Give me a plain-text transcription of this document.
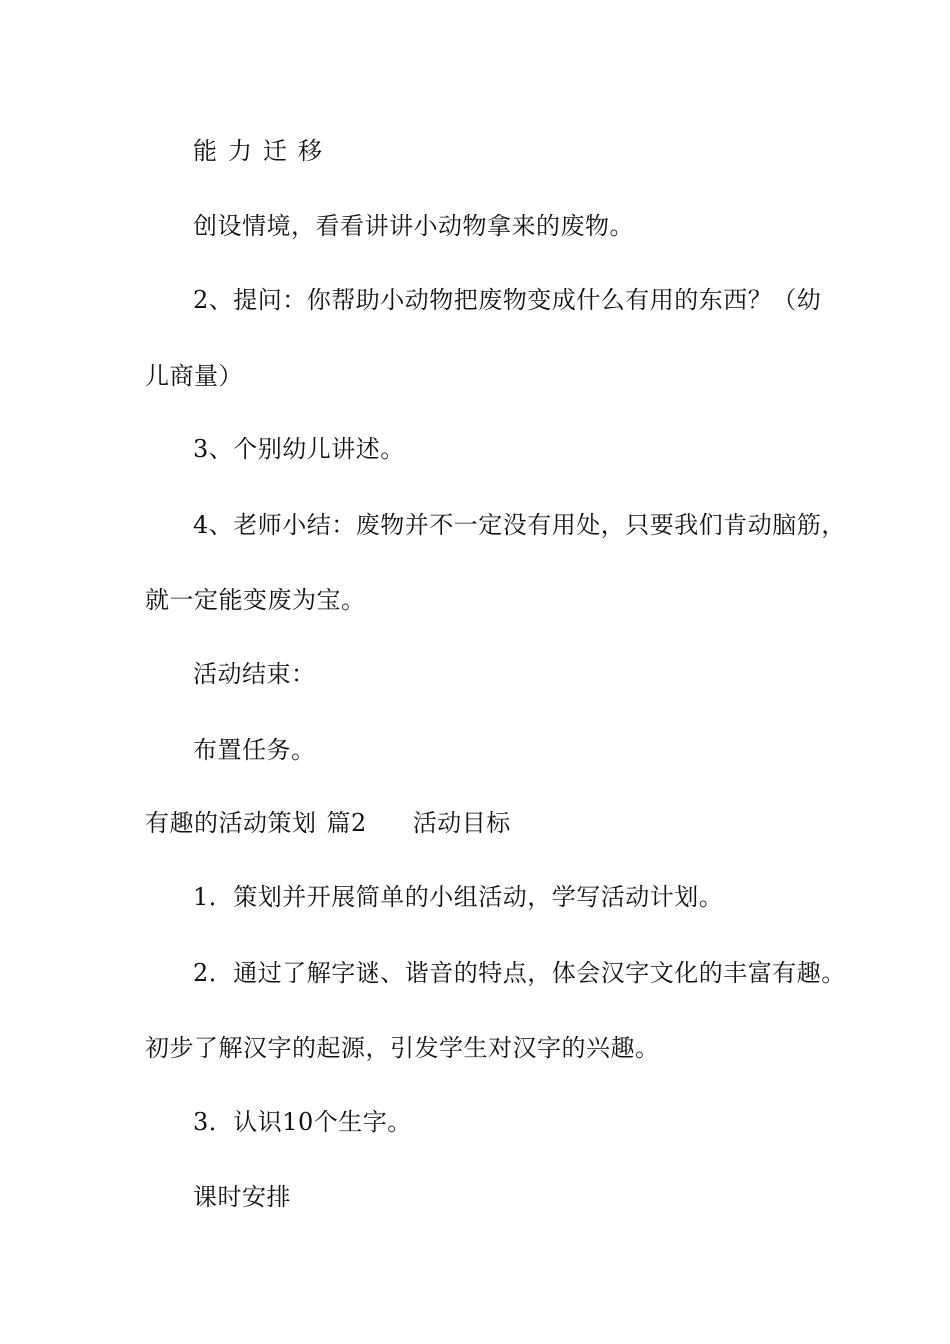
能力迁移
创设情境，看看讲讲小动物拿来的废物。
2、提问：你帮助小动物把废物变成什么有用的东西？（幼
儿商量）
3、个别幼儿讲述。
4、老师小结：废物并不一定没有用处，只要我们肯动脑筋，
就一定能变废为宝。
活动结束：
布置任务。
有趣的活动策划 篇2 活动目标
1．策划并开展简单的小组活动，学写活动计划。
2．通过了解字谜、谐音的特点，体会汉字文化的丰富有趣。
初步了解汉字的起源，引发学生对汉字的兴趣。
3．认识10个生字。
课时安排
